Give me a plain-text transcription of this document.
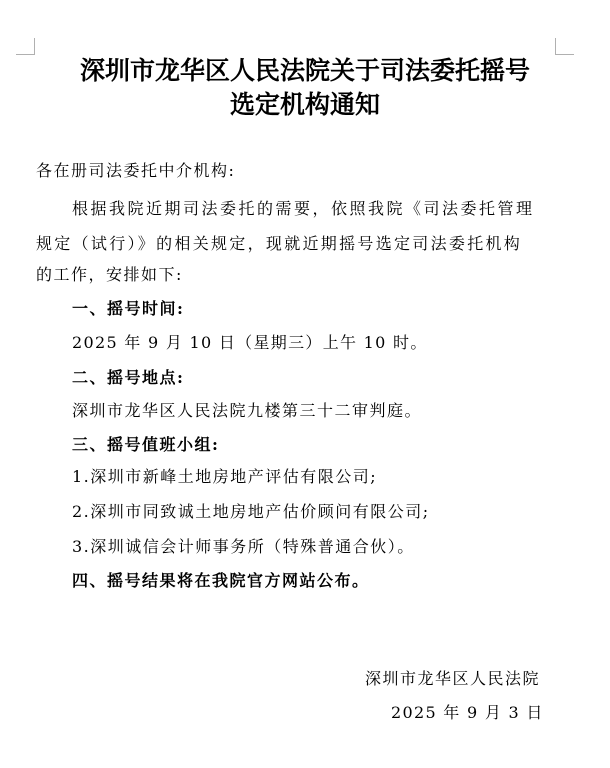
深圳市龙华区人民法院关于司法委托摇号
选定机构通知
各在册司法委托中介机构:
根据我院近期司法委托的需要，依照我院《司法委托管理
规定（试行）》的相关规定，现就近期摇号选定司法委托机构
的工作，安排如下:
一、摇号时间:
2025 年 9 月 10 日（星期三）上午 10 时。
二、摇号地点:
深圳市龙华区人民法院九楼第三十二审判庭。
三、摇号值班小组:
1.深圳市新峰土地房地产评估有限公司;
2.深圳市同致诚土地房地产估价顾问有限公司;
3.深圳诚信会计师事务所（特殊普通合伙）。
四、摇号结果将在我院官方网站公布。
深圳市龙华区人民法院
2025 年 9 月 3 日
